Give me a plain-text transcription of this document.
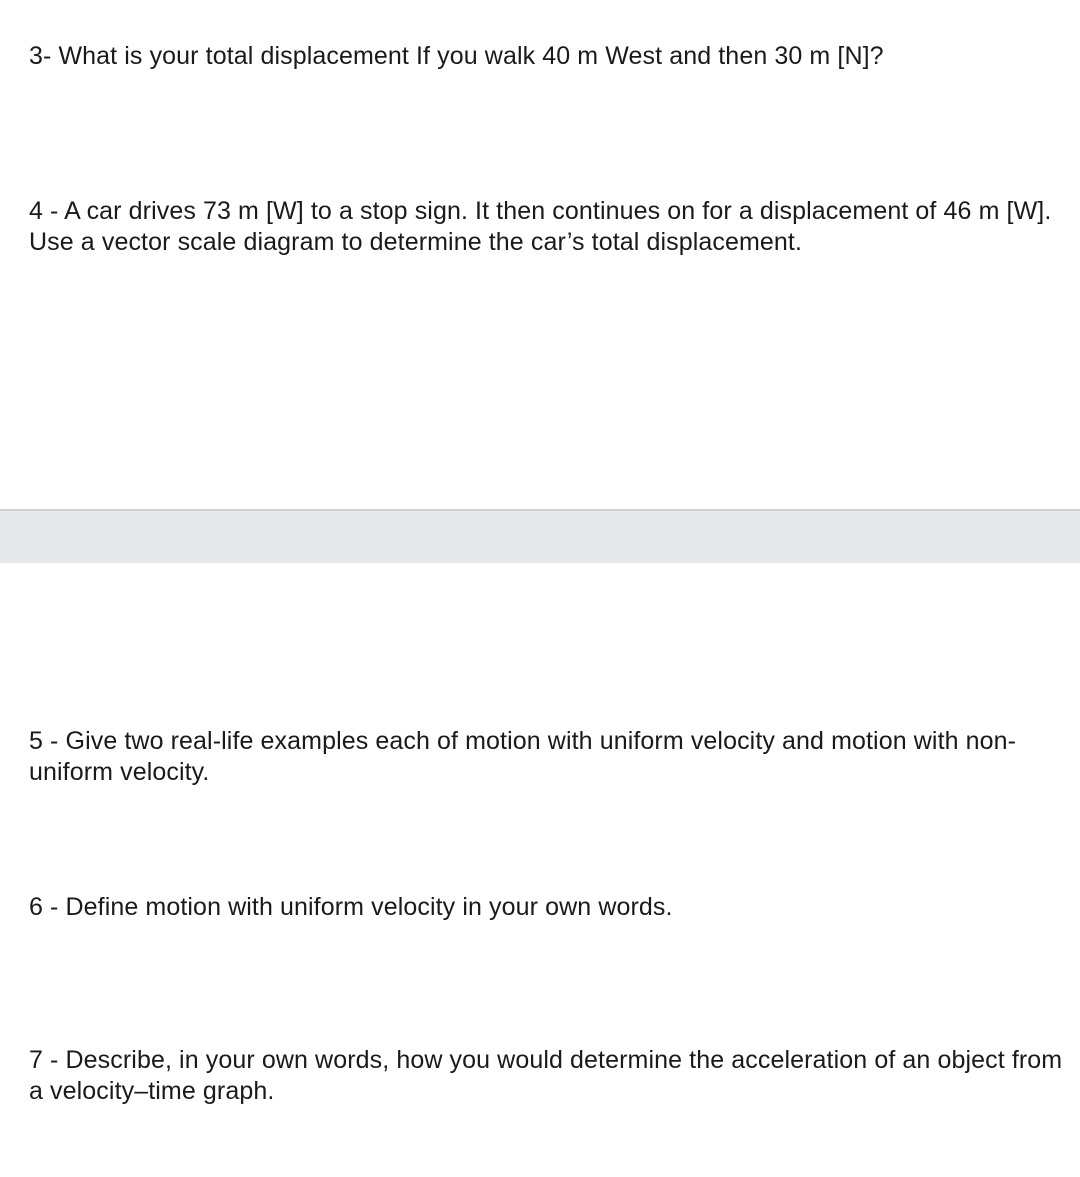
3- What is your total displacement If you walk 40 m West and then 30 m [N]?

4 - A car drives 73 m [W] to a stop sign. It then continues on for a displacement of 46 m [W]. Use a vector scale diagram to determine the car’s total displacement.

5 - Give two real-life examples each of motion with uniform velocity and motion with non-uniform velocity.

6 - Define motion with uniform velocity in your own words.

7 - Describe, in your own words, how you would determine the acceleration of an object from a velocity–time graph.
